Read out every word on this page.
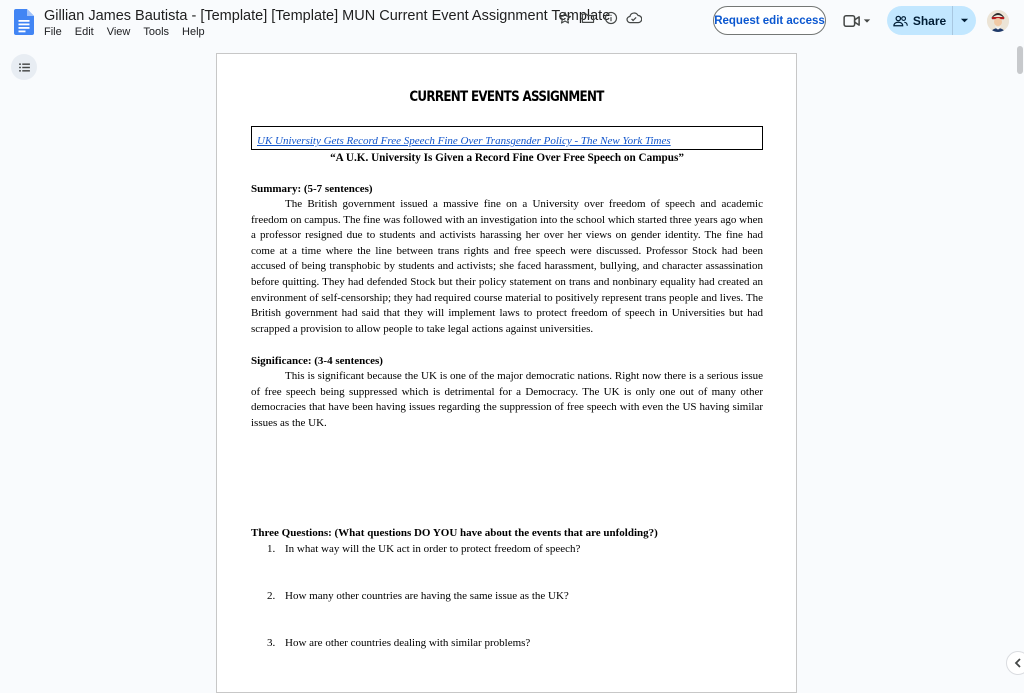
Gillian James Bautista - [Template] [Template] MUN Current Event Assignment Template
File	Edit	View	Tools	Help
Request edit access	Share
CURRENT EVENTS ASSIGNMENT
UK University Gets Record Free Speech Fine Over Transgender Policy - The New York Times
“A U.K. University Is Given a Record Fine Over Free Speech on Campus”
Summary: (5-7 sentences)
The British government issued a massive fine on a University over freedom of speech and academic freedom on campus. The fine was followed with an investigation into the school which started three years ago when a professor resigned due to students and activists harassing her over her views on gender identity. The fine had come at a time where the line between trans rights and free speech were discussed. Professor Stock had been accused of being transphobic by students and activists; she faced harassment, bullying, and character assassination before quitting. They had defended Stock but their policy statement on trans and nonbinary equality had created an environment of self-censorship; they had required course material to positively represent trans people and lives. The British government had said that they will implement laws to protect freedom of speech in Universities but had scrapped a provision to allow people to take legal actions against universities.
Significance: (3-4 sentences)
This is significant because the UK is one of the major democratic nations. Right now there is a serious issue of free speech being suppressed which is detrimental for a Democracy. The UK is only one out of many other democracies that have been having issues regarding the suppression of free speech with even the US having similar issues as the UK.
Three Questions: (What questions DO YOU have about the events that are unfolding?)
1. In what way will the UK act in order to protect freedom of speech?
2. How many other countries are having the same issue as the UK?
3. How are other countries dealing with similar problems?
